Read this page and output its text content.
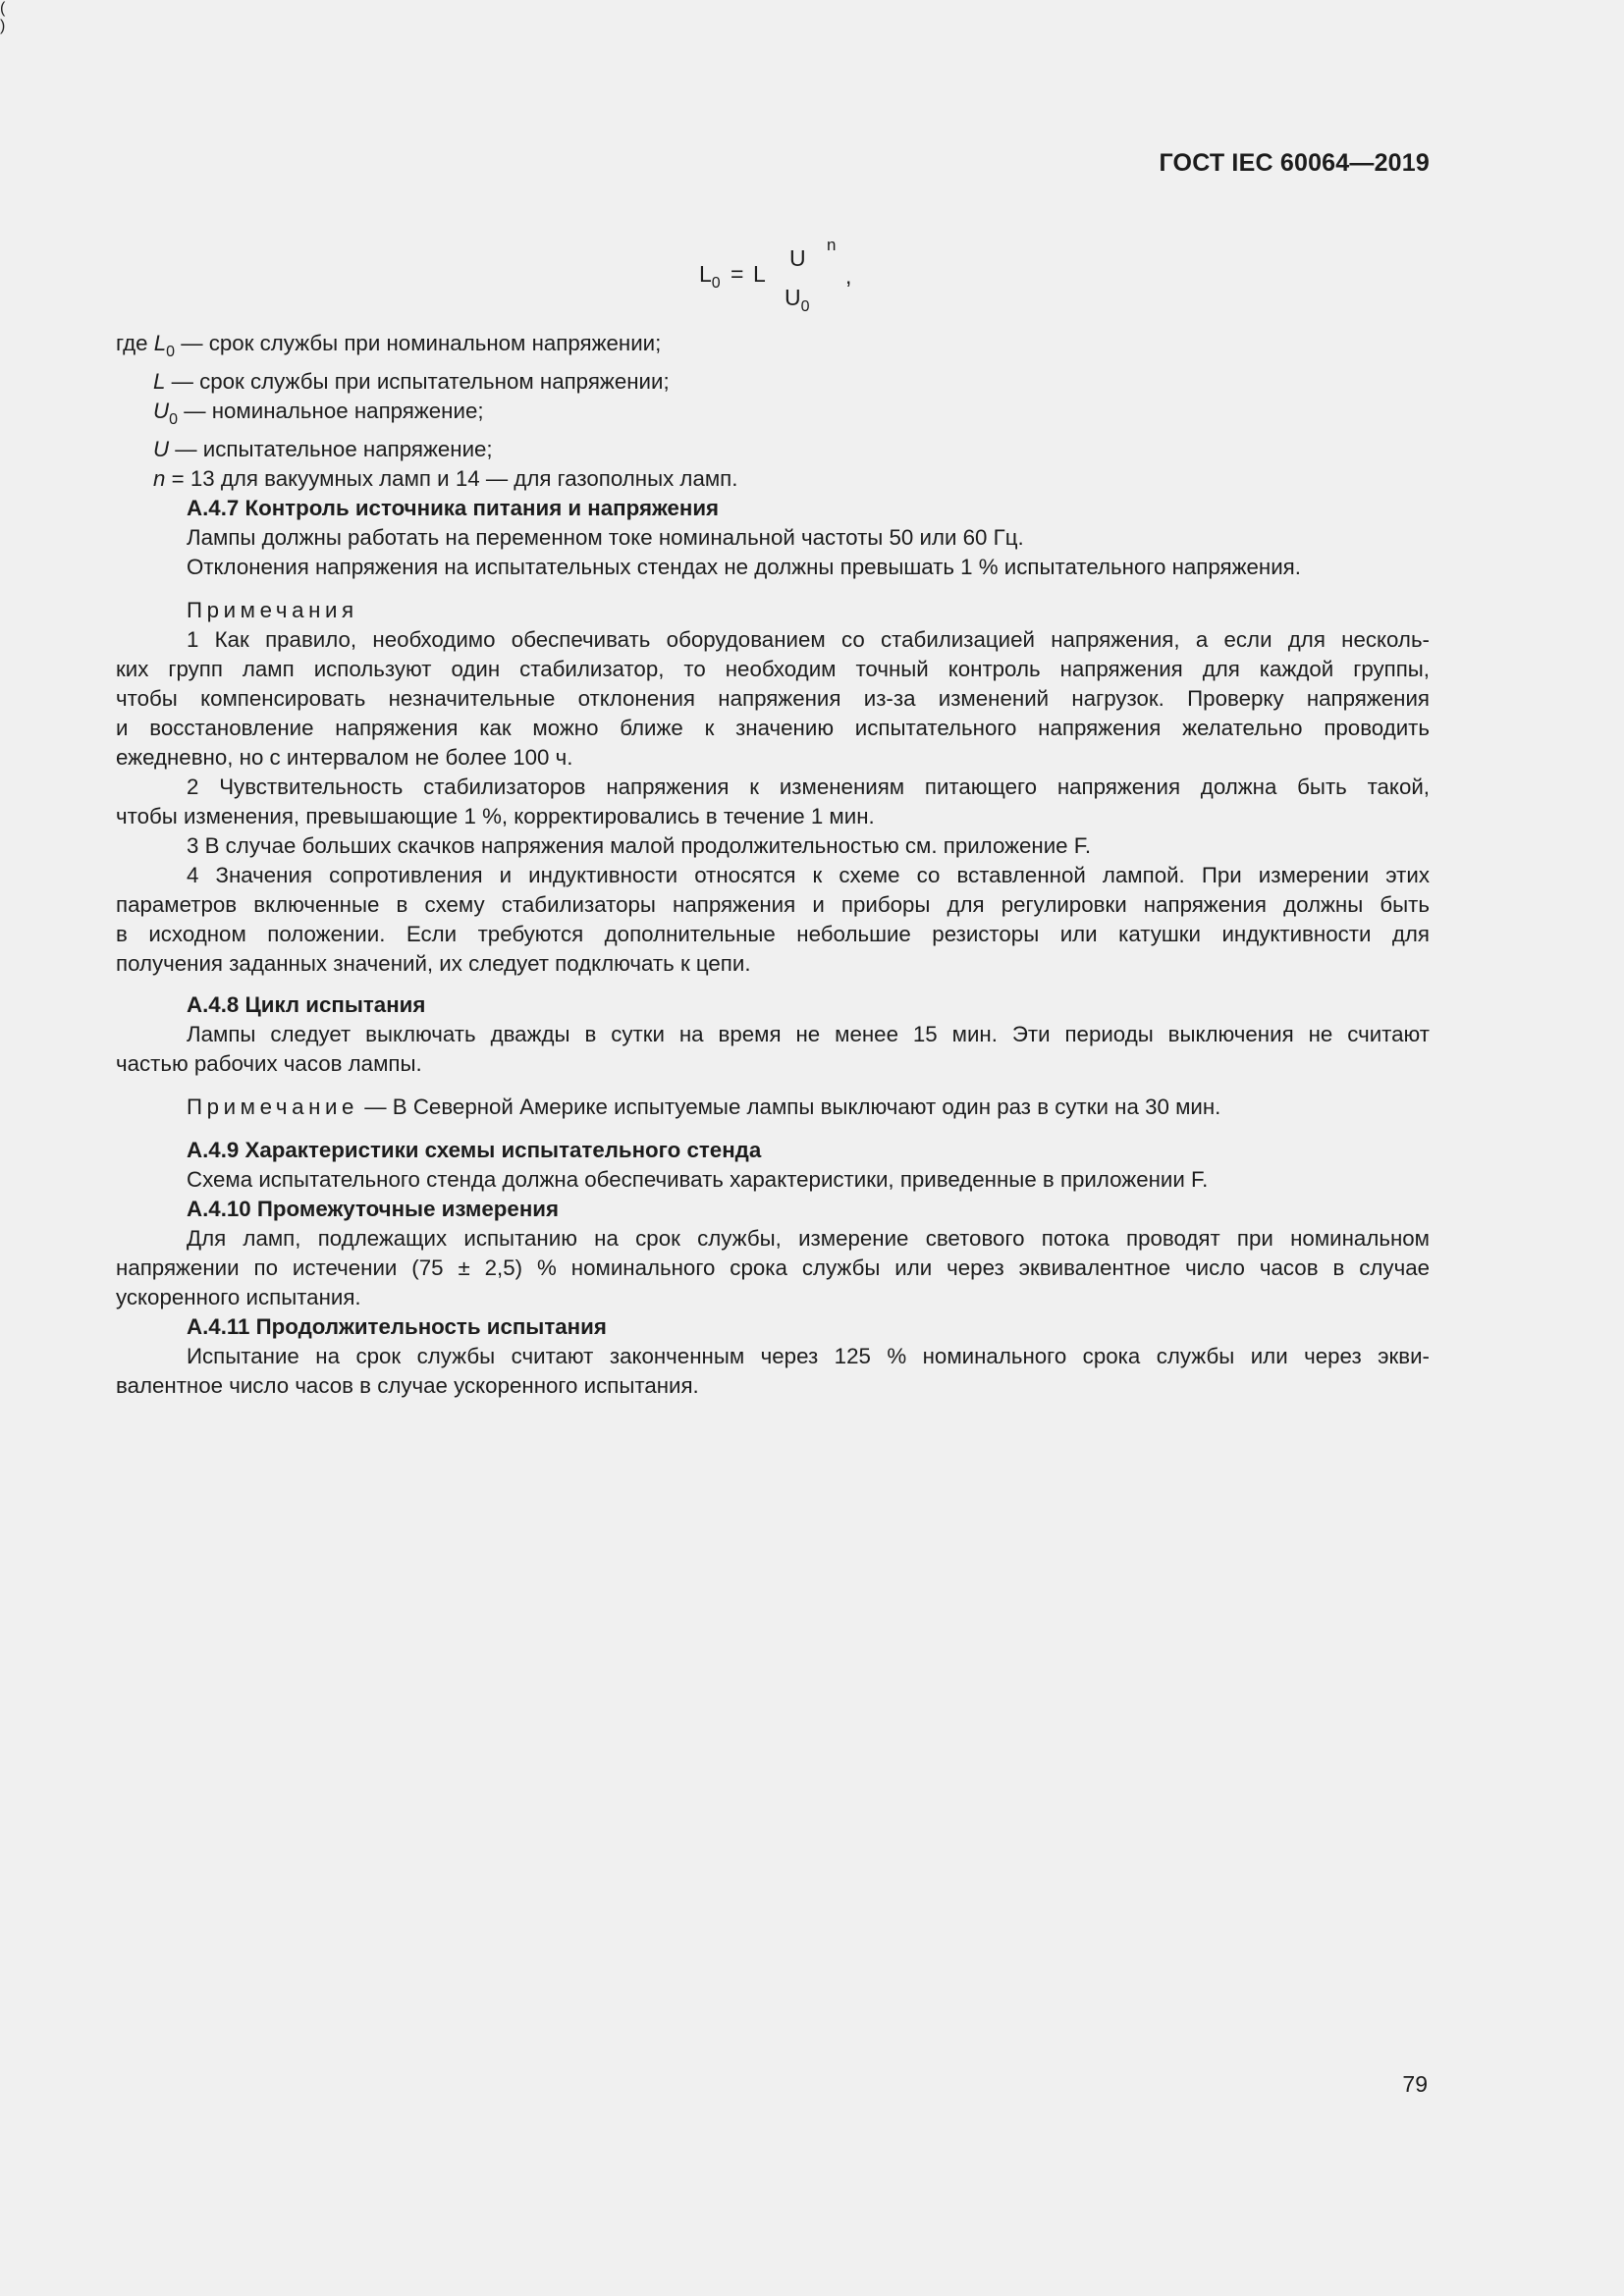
ГОСТ IEC 60064—2019
$L_0 = L$
(
U
$U_0$
)
n
,
где $L_0$ — срок службы при номинальном напряжении;
L — срок службы при испытательном напряжении;
$U_0$ — номинальное напряжение;
U — испытательное напряжение;
n = 13 для вакуумных ламп и 14 — для газополных ламп.
А.4.7 Контроль источника питания и напряжения
Лампы должны работать на переменном токе номинальной частоты 50 или 60 Гц.
Отклонения напряжения на испытательных стендах не должны превышать 1 % испытательного напряжения.
Примечания
1 Как правило, необходимо обеспечивать оборудованием со стабилизацией напряжения, а если для несколь-
ких групп ламп используют один стабилизатор, то необходим точный контроль напряжения для каждой группы,
чтобы компенсировать незначительные отклонения напряжения из-за изменений нагрузок. Проверку напряжения
и восстановление напряжения как можно ближе к значению испытательного напряжения желательно проводить
ежедневно, но с интервалом не более 100 ч.
2 Чувствительность стабилизаторов напряжения к изменениям питающего напряжения должна быть такой,
чтобы изменения, превышающие 1 %, корректировались в течение 1 мин.
3 В случае больших скачков напряжения малой продолжительностью см. приложение F.
4 Значения сопротивления и индуктивности относятся к схеме со вставленной лампой. При измерении этих
параметров включенные в схему стабилизаторы напряжения и приборы для регулировки напряжения должны быть
в исходном положении. Если требуются дополнительные небольшие резисторы или катушки индуктивности для
получения заданных значений, их следует подключать к цепи.
А.4.8 Цикл испытания
Лампы следует выключать дважды в сутки на время не менее 15 мин. Эти периоды выключения не считают
частью рабочих часов лампы.
Примечание — В Северной Америке испытуемые лампы выключают один раз в сутки на 30 мин.
А.4.9 Характеристики схемы испытательного стенда
Схема испытательного стенда должна обеспечивать характеристики, приведенные в приложении F.
А.4.10 Промежуточные измерения
Для ламп, подлежащих испытанию на срок службы, измерение светового потока проводят при номинальном
напряжении по истечении (75 ± 2,5) % номинального срока службы или через эквивалентное число часов в случае
ускоренного испытания.
А.4.11 Продолжительность испытания
Испытание на срок службы считают законченным через 125 % номинального срока службы или через экви-
валентное число часов в случае ускоренного испытания.
79
